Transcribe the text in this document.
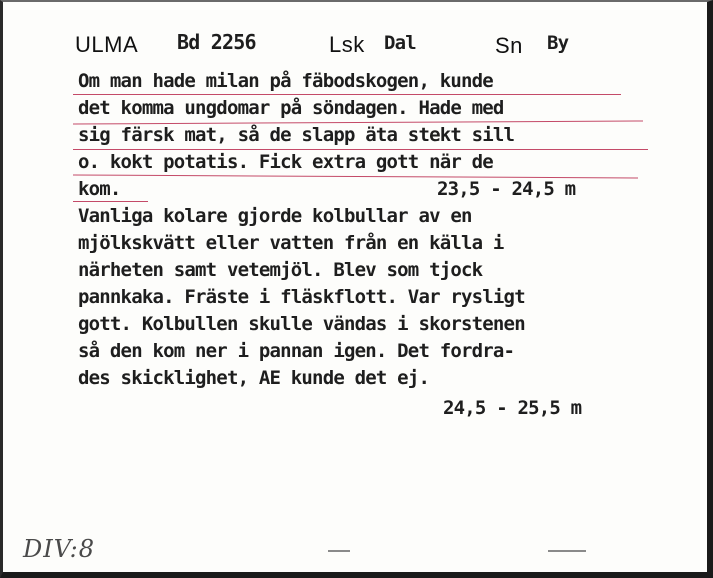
ULMA Bd 2256	Lsk Dal	Sn By
Om man hade milan på fäbodskogen, kunde
det komma ungdomar på söndagen. Hade med
sig färsk mat, så de slapp äta stekt sill
o. kokt potatis. Fick extra gott när de
kom.	23,5 - 24,5 m
Vanliga kolare gjorde kolbullar av en
mjölkskvätt eller vatten från en källa i
närheten samt vetemjöl. Blev som tjock
pannkaka. Fräste i fläskflott. Var rysligt
gott. Kolbullen skulle vändas i skorstenen
så den kom ner i pannan igen. Det fordra-
des skicklighet, AE kunde det ej.
24,5 - 25,5 m
DIV:8
